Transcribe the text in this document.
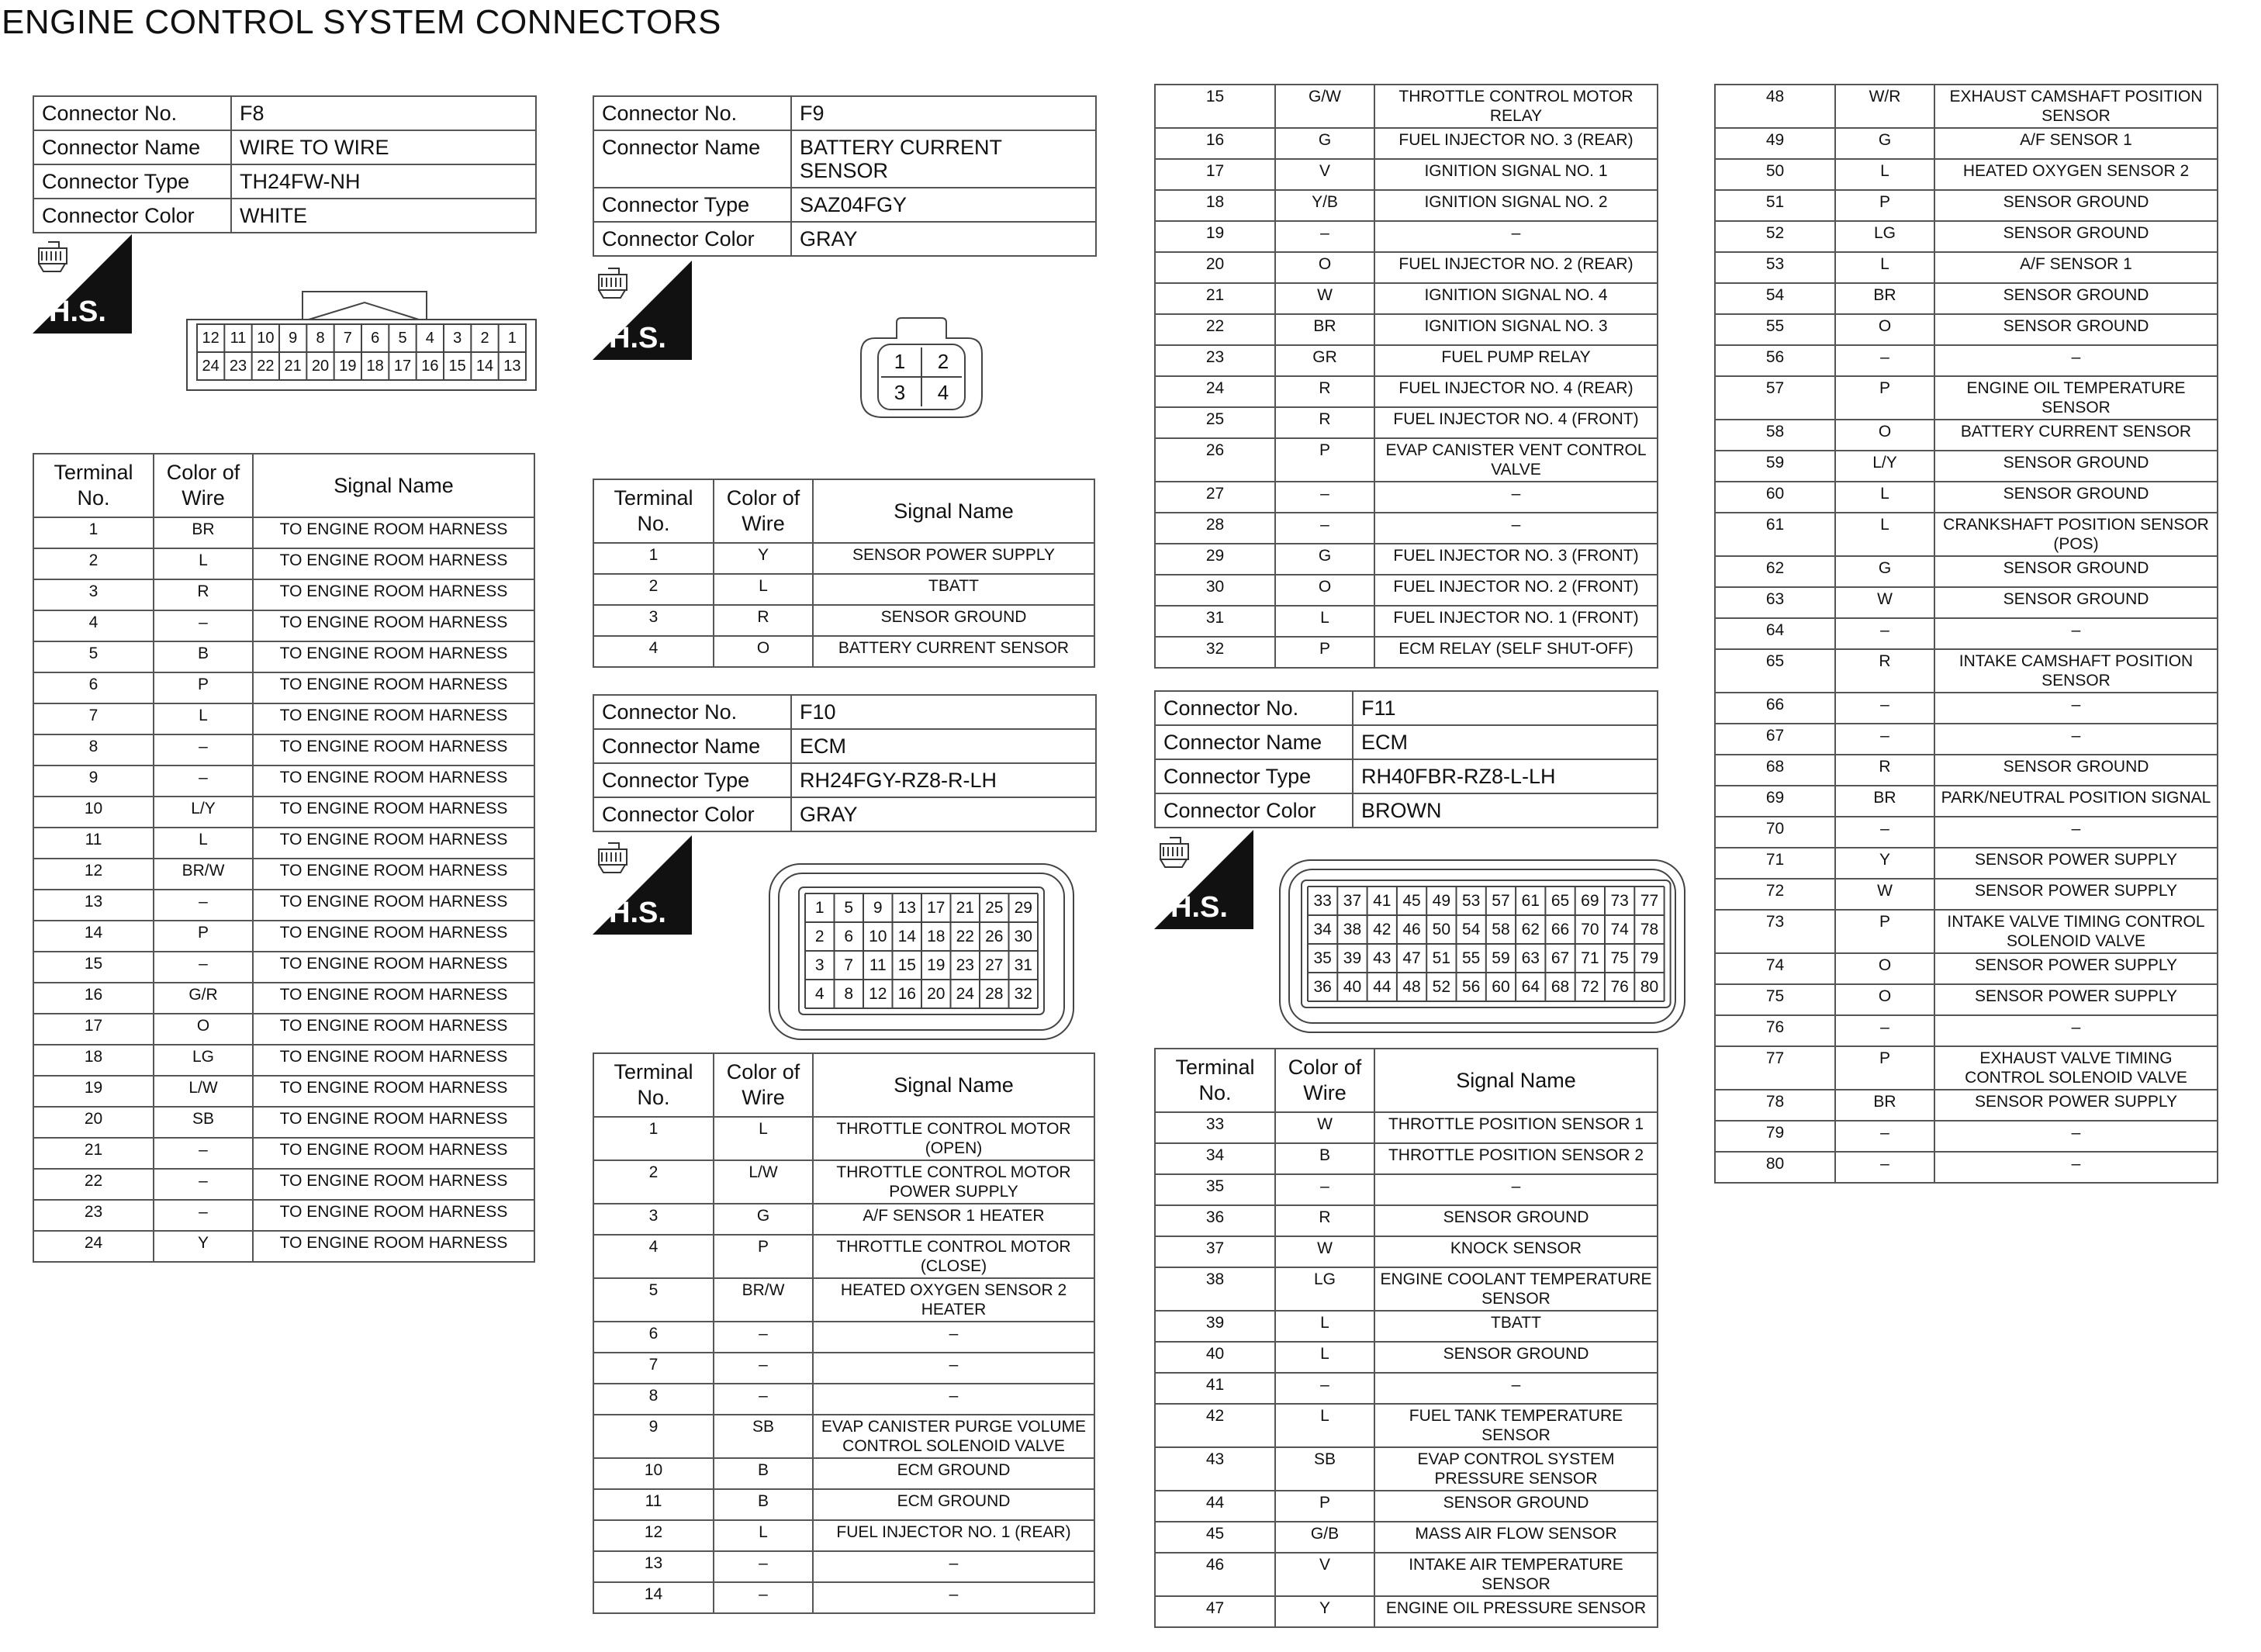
ENGINE CONTROL SYSTEM CONNECTORS
Connector No.	F8
Connector Name	WIRE TO WIRE
Connector Type	TH24FW-NH
Connector Color	WHITE
H.S.
12 11 10 9 8 7 6 5 4 3 2 1
24 23 22 21 20 19 18 17 16 15 14 13
Terminal No.	Color of Wire	Signal Name
1	BR	TO ENGINE ROOM HARNESS
2	L	TO ENGINE ROOM HARNESS
3	R	TO ENGINE ROOM HARNESS
4	–	TO ENGINE ROOM HARNESS
5	B	TO ENGINE ROOM HARNESS
6	P	TO ENGINE ROOM HARNESS
7	L	TO ENGINE ROOM HARNESS
8	–	TO ENGINE ROOM HARNESS
9	–	TO ENGINE ROOM HARNESS
10	L/Y	TO ENGINE ROOM HARNESS
11	L	TO ENGINE ROOM HARNESS
12	BR/W	TO ENGINE ROOM HARNESS
13	–	TO ENGINE ROOM HARNESS
14	P	TO ENGINE ROOM HARNESS
15	–	TO ENGINE ROOM HARNESS
16	G/R	TO ENGINE ROOM HARNESS
17	O	TO ENGINE ROOM HARNESS
18	LG	TO ENGINE ROOM HARNESS
19	L/W	TO ENGINE ROOM HARNESS
20	SB	TO ENGINE ROOM HARNESS
21	–	TO ENGINE ROOM HARNESS
22	–	TO ENGINE ROOM HARNESS
23	–	TO ENGINE ROOM HARNESS
24	Y	TO ENGINE ROOM HARNESS
Connector No.	F9
Connector Name	BATTERY CURRENT SENSOR
Connector Type	SAZ04FGY
Connector Color	GRAY
H.S.
1 2
3 4
Terminal No.	Color of Wire	Signal Name
1	Y	SENSOR POWER SUPPLY
2	L	TBATT
3	R	SENSOR GROUND
4	O	BATTERY CURRENT SENSOR
Connector No.	F10
Connector Name	ECM
Connector Type	RH24FGY-RZ8-R-LH
Connector Color	GRAY
H.S.	1 5 9 13 17 21 25 29
2 6 10 14 18 22 26 30
3 7 11 15 19 23 27 31
4 8 12 16 20 24 28 32
Terminal No.	Color of Wire	Signal Name
1	L	THROTTLE CONTROL MOTOR (OPEN)
2	L/W	THROTTLE CONTROL MOTOR POWER SUPPLY
3	G	A/F SENSOR 1 HEATER
4	P	THROTTLE CONTROL MOTOR (CLOSE)
5	BR/W	HEATED OXYGEN SENSOR 2 HEATER
6	–	–
7	–	–
8	–	–
9	SB	EVAP CANISTER PURGE VOLUME CONTROL SOLENOID VALVE
10	B	ECM GROUND
11	B	ECM GROUND
12	L	FUEL INJECTOR NO. 1 (REAR)
13	–	–
14	–	–
15	G/W	THROTTLE CONTROL MOTOR RELAY
16	G	FUEL INJECTOR NO. 3 (REAR)
17	V	IGNITION SIGNAL NO. 1
18	Y/B	IGNITION SIGNAL NO. 2
19	–	–
20	O	FUEL INJECTOR NO. 2 (REAR)
21	W	IGNITION SIGNAL NO. 4
22	BR	IGNITION SIGNAL NO. 3
23	GR	FUEL PUMP RELAY
24	R	FUEL INJECTOR NO. 4 (REAR)
25	R	FUEL INJECTOR NO. 4 (FRONT)
26	P	EVAP CANISTER VENT CONTROL VALVE
27	–	–
28	–	–
29	G	FUEL INJECTOR NO. 3 (FRONT)
30	O	FUEL INJECTOR NO. 2 (FRONT)
31	L	FUEL INJECTOR NO. 1 (FRONT)
32	P	ECM RELAY (SELF SHUT-OFF)
Connector No.	F11
Connector Name	ECM
Connector Type	RH40FBR-RZ8-L-LH
Connector Color	BROWN
H.S.	33 37 41 45 49 53 57 61 65 69 73 77
34 38 42 46 50 54 58 62 66 70 74 78
35 39 43 47 51 55 59 63 67 71 75 79
36 40 44 48 52 56 60 64 68 72 76 80
Terminal No.	Color of Wire	Signal Name
33	W	THROTTLE POSITION SENSOR 1
34	B	THROTTLE POSITION SENSOR 2
35	–	–
36	R	SENSOR GROUND
37	W	KNOCK SENSOR
38	LG	ENGINE COOLANT TEMPERATURE SENSOR
39	L	TBATT
40	L	SENSOR GROUND
41	–	–
42	L	FUEL TANK TEMPERATURE SENSOR
43	SB	EVAP CONTROL SYSTEM PRESSURE SENSOR
44	P	SENSOR GROUND
45	G/B	MASS AIR FLOW SENSOR
46	V	INTAKE AIR TEMPERATURE SENSOR
47	Y	ENGINE OIL PRESSURE SENSOR
48	W/R	EXHAUST CAMSHAFT POSITION SENSOR
49	G	A/F SENSOR 1
50	L	HEATED OXYGEN SENSOR 2
51	P	SENSOR GROUND
52	LG	SENSOR GROUND
53	L	A/F SENSOR 1
54	BR	SENSOR GROUND
55	O	SENSOR GROUND
56	–	–
57	P	ENGINE OIL TEMPERATURE SENSOR
58	O	BATTERY CURRENT SENSOR
59	L/Y	SENSOR GROUND
60	L	SENSOR GROUND
61	L	CRANKSHAFT POSITION SENSOR (POS)
62	G	SENSOR GROUND
63	W	SENSOR GROUND
64	–	–
65	R	INTAKE CAMSHAFT POSITION SENSOR
66	–	–
67	–	–
68	R	SENSOR GROUND
69	BR	PARK/NEUTRAL POSITION SIGNAL
70	–	–
71	Y	SENSOR POWER SUPPLY
72	W	SENSOR POWER SUPPLY
73	P	INTAKE VALVE TIMING CONTROL SOLENOID VALVE
74	O	SENSOR POWER SUPPLY
75	O	SENSOR POWER SUPPLY
76	–	–
77	P	EXHAUST VALVE TIMING CONTROL SOLENOID VALVE
78	BR	SENSOR POWER SUPPLY
79	–	–
80	–	–
